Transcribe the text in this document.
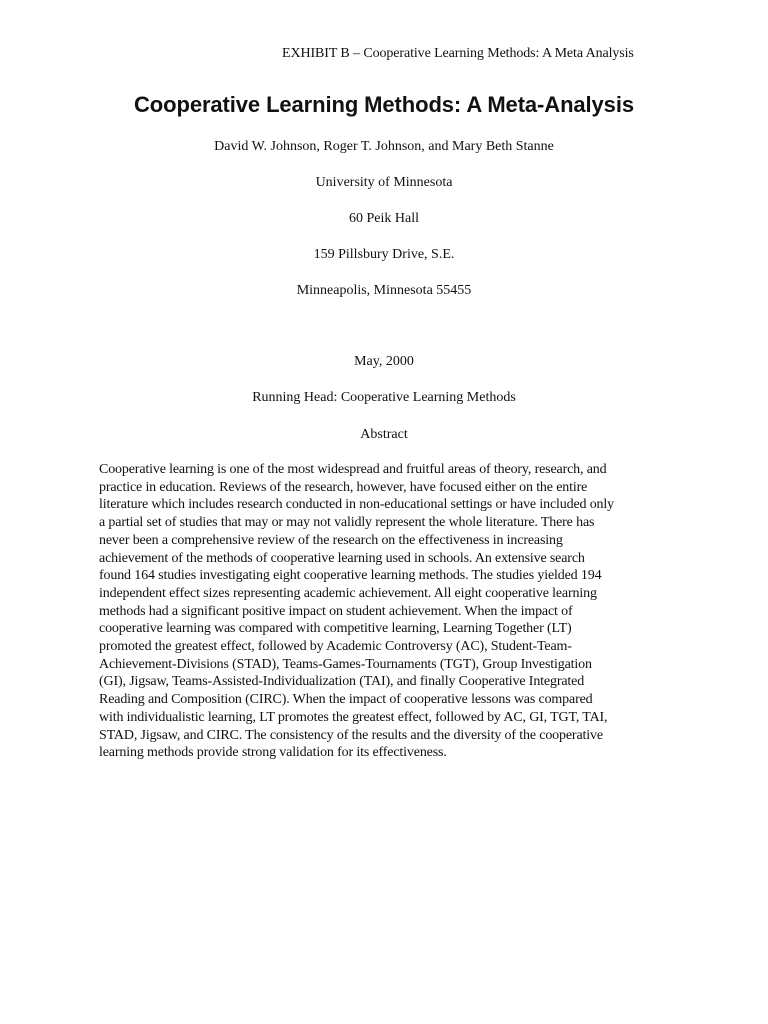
EXHIBIT B – Cooperative Learning Methods: A Meta Analysis
Cooperative Learning Methods: A Meta-Analysis
David W. Johnson, Roger T. Johnson, and Mary Beth Stanne
University of Minnesota
60 Peik Hall
159 Pillsbury Drive, S.E.
Minneapolis, Minnesota 55455
May, 2000
Running Head: Cooperative Learning Methods
Abstract
Cooperative learning is one of the most widespread and fruitful areas of theory, research, and
practice in education. Reviews of the research, however, have focused either on the entire
literature which includes research conducted in non-educational settings or have included only
a partial set of studies that may or may not validly represent the whole literature. There has
never been a comprehensive review of the research on the effectiveness in increasing
achievement of the methods of cooperative learning used in schools. An extensive search
found 164 studies investigating eight cooperative learning methods. The studies yielded 194
independent effect sizes representing academic achievement. All eight cooperative learning
methods had a significant positive impact on student achievement. When the impact of
cooperative learning was compared with competitive learning, Learning Together (LT)
promoted the greatest effect, followed by Academic Controversy (AC), Student-Team-
Achievement-Divisions (STAD), Teams-Games-Tournaments (TGT), Group Investigation
(GI), Jigsaw, Teams-Assisted-Individualization (TAI), and finally Cooperative Integrated
Reading and Composition (CIRC). When the impact of cooperative lessons was compared
with individualistic learning, LT promotes the greatest effect, followed by AC, GI, TGT, TAI,
STAD, Jigsaw, and CIRC. The consistency of the results and the diversity of the cooperative
learning methods provide strong validation for its effectiveness.
